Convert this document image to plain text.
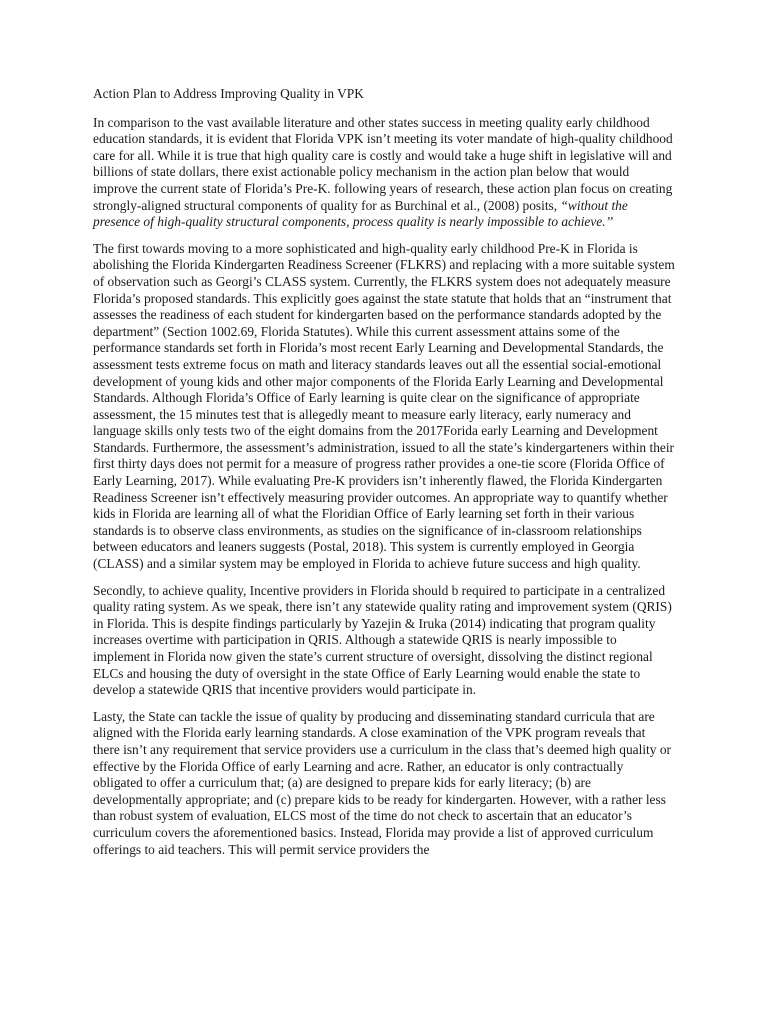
Action Plan to Address Improving Quality in VPK

In comparison to the vast available literature and other states success in meeting quality early childhood education standards, it is evident that Florida VPK isn’t meeting its voter mandate of high-quality childhood care for all. While it is true that high quality care is costly and would take a huge shift in legislative will and billions of state dollars, there exist actionable policy mechanism in the action plan below that would improve the current state of Florida’s Pre-K. following years of research, these action plan focus on creating strongly-aligned structural components of quality for as Burchinal et al., (2008) posits, “without the presence of high-quality structural components, process quality is nearly impossible to achieve.’’

The first towards moving to a more sophisticated and high-quality early childhood Pre-K in Florida is abolishing the Florida Kindergarten Readiness Screener (FLKRS) and replacing with a more suitable system of observation such as Georgi’s CLASS system. Currently, the FLKRS system does not adequately measure Florida’s proposed standards. This explicitly goes against the state statute that holds that an “instrument that assesses the readiness of each student for kindergarten based on the performance standards adopted by the department” (Section 1002.69, Florida Statutes). While this current assessment attains some of the performance standards set forth in Florida’s most recent Early Learning and Developmental Standards, the assessment tests extreme focus on math and literacy standards leaves out all the essential social-emotional development of young kids and other major components of the Florida Early Learning and Developmental Standards. Although Florida’s Office of Early learning is quite clear on the significance of appropriate assessment, the 15 minutes test that is allegedly meant to measure early literacy, early numeracy and language skills only tests two of the eight domains from the 2017Forida early Learning and Development Standards. Furthermore, the assessment’s administration, issued to all the state’s kindergarteners within their first thirty days does not permit for a measure of progress rather provides a one-tie score (Florida Office of Early Learning, 2017). While evaluating Pre-K providers isn’t inherently flawed, the Florida Kindergarten Readiness Screener isn’t effectively measuring provider outcomes. An appropriate way to quantify whether kids in Florida are learning all of what the Floridian Office of Early learning set forth in their various standards is to observe class environments, as studies on the significance of in-classroom relationships between educators and leaners suggests (Postal, 2018). This system is currently employed in Georgia (CLASS) and a similar system may be employed in Florida to achieve future success and high quality.

Secondly, to achieve quality, Incentive providers in Florida should b required to participate in a centralized quality rating system. As we speak, there isn’t any statewide quality rating and improvement system (QRIS) in Florida. This is despite findings particularly by Yazejin & Iruka (2014) indicating that program quality increases overtime with participation in QRIS. Although a statewide QRIS is nearly impossible to implement in Florida now given the state’s current structure of oversight, dissolving the distinct regional ELCs and housing the duty of oversight in the state Office of Early Learning would enable the state to develop a statewide QRIS that incentive providers would participate in.

Lasty, the State can tackle the issue of quality by producing and disseminating standard curricula that are aligned with the Florida early learning standards. A close examination of the VPK program reveals that there isn’t any requirement that service providers use a curriculum in the class that’s deemed high quality or effective by the Florida Office of early Learning and acre. Rather, an educator is only contractually obligated to offer a curriculum that; (a) are designed to prepare kids for early literacy; (b) are developmentally appropriate; and (c) prepare kids to be ready for kindergarten. However, with a rather less than robust system of evaluation, ELCS most of the time do not check to ascertain that an educator’s curriculum covers the aforementioned basics. Instead, Florida may provide a list of approved curriculum offerings to aid teachers. This will permit service providers the
